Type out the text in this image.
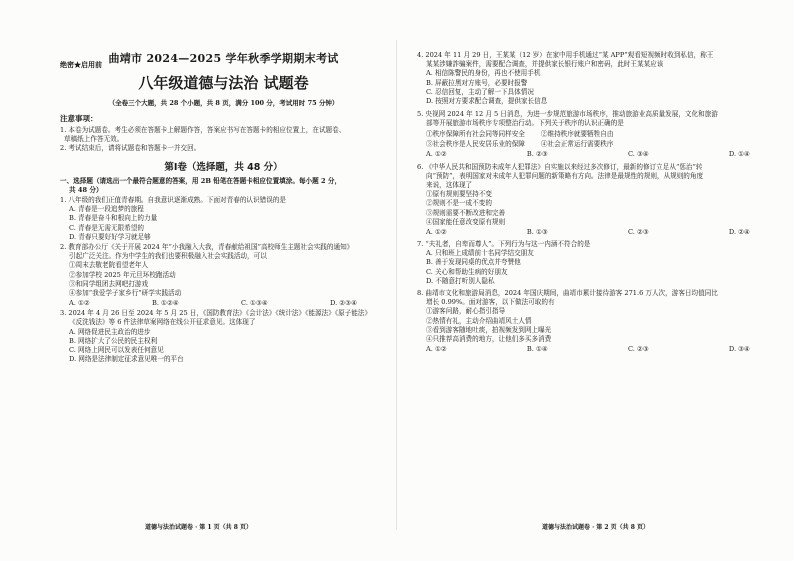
绝密★启用前 曲靖市 2024—2025 学年秋季学期期末考试

八年级道德与法治 试题卷

（全卷三个大题，共 28 个小题，共 8 页，满分 100 分，考试用时 75 分钟）

注意事项：

1. 本卷为试题卷。考生必须在答题卡上解题作答，答案应书写在答题卡的相应位置上，在试题卷、

草稿纸上作答无效。

2. 考试结束后，请将试题卷和答题卡一并交回。

第Ⅰ卷（选择题，共 48 分）

一、选择题（请选出一个最符合题意的答案，用 2B 铅笔在答题卡相应位置填涂。每小题 2 分，

共 48 分）

1. 八年级的我们正值青春期。自我意识逐渐成熟。下面对青春的认识错误的是

A. 青春是一段追梦的旅程

B. 青春是奋斗和根向上的力量

C. 青春是无需无限希望的

D. 青春只要好好学习就足够

2. 教育部办公厅《关于开展 2024 年“小我融入大我，青春献给祖国”高校师生主题社会实践的通知》

引起广泛关注。作为中学生的我们也要积极融入社会实践活动，可以

①周末去敬老院看望老年人

②参加学校 2025 年元旦环校跑活动

③和同学组团去网吧打游戏

④参加“我爱学子家乡行”研学实践活动

A. ①②	B. ①②④	C. ①③④	D. ②③④

3. 2024 年 4 月 26 日至 2024 年 5 月 25 日，《国防教育法》《会计法》《统计法》《能源法》《原子能法》

《反洗钱法》等 6 件法律草案网络在线公开征求意见。这体现了

A. 网络促进民主政治的进步

B. 网络扩大了公民的民主权利

C. 网络上网民可以发表任何意见

D. 网络是法律制定征求意见唯一的平台

道德与法治试题卷 · 第 1 页（共 8 页）

4. 2024 年 11 月 29 日，王某某（12 岁）在家中用手机通过“某 APP”观看短视频时收到私信，称王

某某涉嫌詐骗案件，需要配合调查，并提供家长银行账户和密码，此时王某某应该

A. 相信陈警民的身份，再也不使用手机

B. 屏蔽拉黑对方账号，必要时报警

C. 忍信回复，主动了解一下具体情况

D. 按照对方要求配合调查，提供家长信息

5. 央视网 2024 年 12 月 5 日消息，为进一步规范旅游市场秩序，推动旅游业高质量发展，文化和旅游

部等开展旅游市场秩序专项整治行动。下列关于秩序的认识正确的是

①秩序保障所有社会同等同样安全 ②维持秩序就要牺牲自由
③社会秩序是人民安居乐业的保障 ④社会正常运行需要秩序
A. ①②	B. ②③	C. ③④	D. ①④

6. 《中华人民共和国预防未成年人犯罪法》自实施以来经过多次修订，最新的修订立足从“惩治”转

向“预防”，表明国家对未成年人犯罪问题的新策略有方向。法律是最规性的规则，从规则的角度

来说，这体现了

①原有规则要坚持不变

②规则不是一成不变的

③规则需要不断改进和完善

④国家能任意改变原有规则

A. ①②	B. ①③	C. ②③	D. ②④

7. “夫礼者，自卑而尊人”。下列行为与这一内涵不符合的是

A. 只和班上成绩前十名同学结交朋友

B. 善于发现同桌的优点并夸赞他

C. 关心和帮助生病的好朋友

D. 不随意打听别人隐私

8. 曲靖市文化和旅游局消息，2024 年国庆期间，曲靖市累计接待游客 271.6 万人次，游客日均值同比

增长 0.99%。面对游客，以下做法可取的有

①游客问路，耐心指引指导

②热情有礼，主动介绍曲靖风土人情

③看到游客随地吐痰，拍视频发到网上曝光

④只推荐高消费的地方，让他们多买多消费

A. ①②	B. ①④	C. ②③	D. ③④

道德与法治试题卷 · 第 2 页（共 8 页）
